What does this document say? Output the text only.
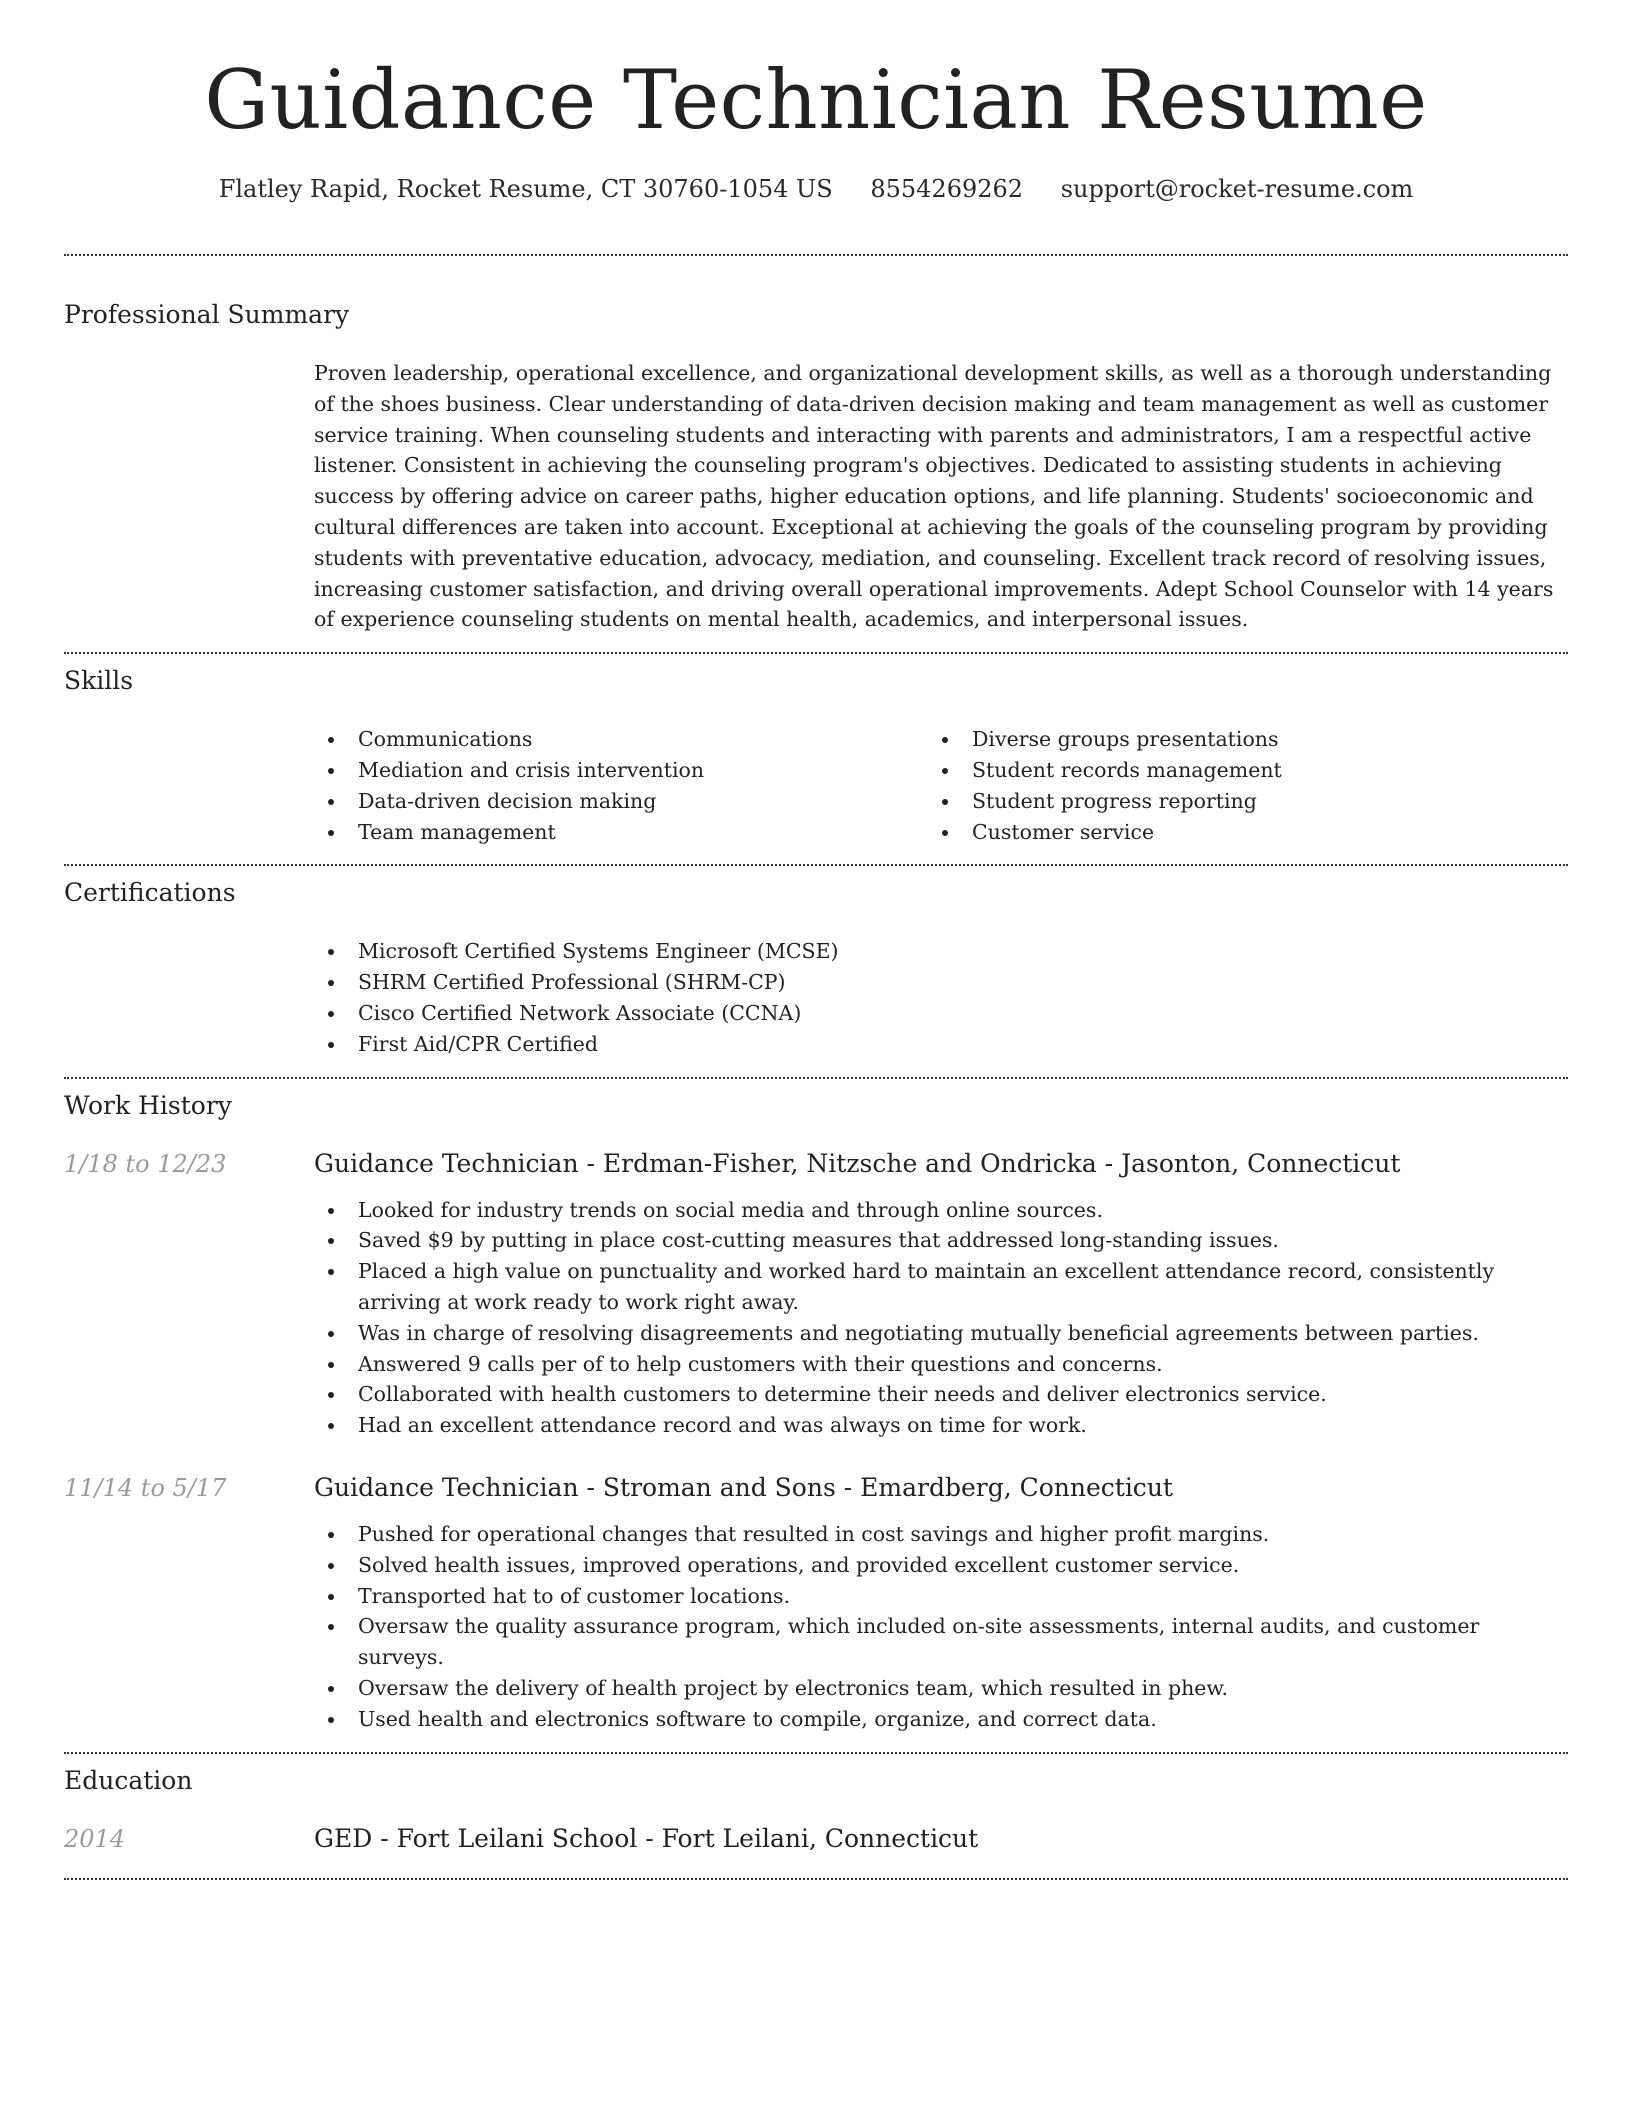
Guidance Technician Resume
Flatley Rapid, Rocket Resume, CT 30760-1054 US 8554269262 support@rocket-resume.com
Professional Summary

Proven leadership, operational excellence, and organizational development skills, as well as a thorough understanding of the shoes business. Clear understanding of data-driven decision making and team management as well as customer service training. When counseling students and interacting with parents and administrators, I am a respectful active listener. Consistent in achieving the counseling program's objectives. Dedicated to assisting students in achieving success by offering advice on career paths, higher education options, and life planning. Students' socioeconomic and cultural differences are taken into account. Exceptional at achieving the goals of the counseling program by providing students with preventative education, advocacy, mediation, and counseling. Excellent track record of resolving issues, increasing customer satisfaction, and driving overall operational improvements. Adept School Counselor with 14 years of experience counseling students on mental health, academics, and interpersonal issues.

Skills
Communications
Mediation and crisis intervention
Data-driven decision making
Team management
Diverse groups presentations
Student records management
Student progress reporting
Customer service
Certifications
Microsoft Certified Systems Engineer (MCSE)
SHRM Certified Professional (SHRM-CP)
Cisco Certified Network Associate (CCNA)
First Aid/CPR Certified
Work History
1/18 to 12/23	Guidance Technician - Erdman-Fisher, Nitzsche and Ondricka - Jasonton, Connecticut
Looked for industry trends on social media and through online sources.
Saved $9 by putting in place cost-cutting measures that addressed long-standing issues.
Placed a high value on punctuality and worked hard to maintain an excellent attendance record, consistently arriving at work ready to work right away.
Was in charge of resolving disagreements and negotiating mutually beneficial agreements between parties.
Answered 9 calls per of to help customers with their questions and concerns.
Collaborated with health customers to determine their needs and deliver electronics service.
Had an excellent attendance record and was always on time for work.
11/14 to 5/17	Guidance Technician - Stroman and Sons - Emardberg, Connecticut
Pushed for operational changes that resulted in cost savings and higher profit margins.
Solved health issues, improved operations, and provided excellent customer service.
Transported hat to of customer locations.
Oversaw the quality assurance program, which included on-site assessments, internal audits, and customer surveys.
Oversaw the delivery of health project by electronics team, which resulted in phew.
Used health and electronics software to compile, organize, and correct data.
Education
2014	GED - Fort Leilani School - Fort Leilani, Connecticut
